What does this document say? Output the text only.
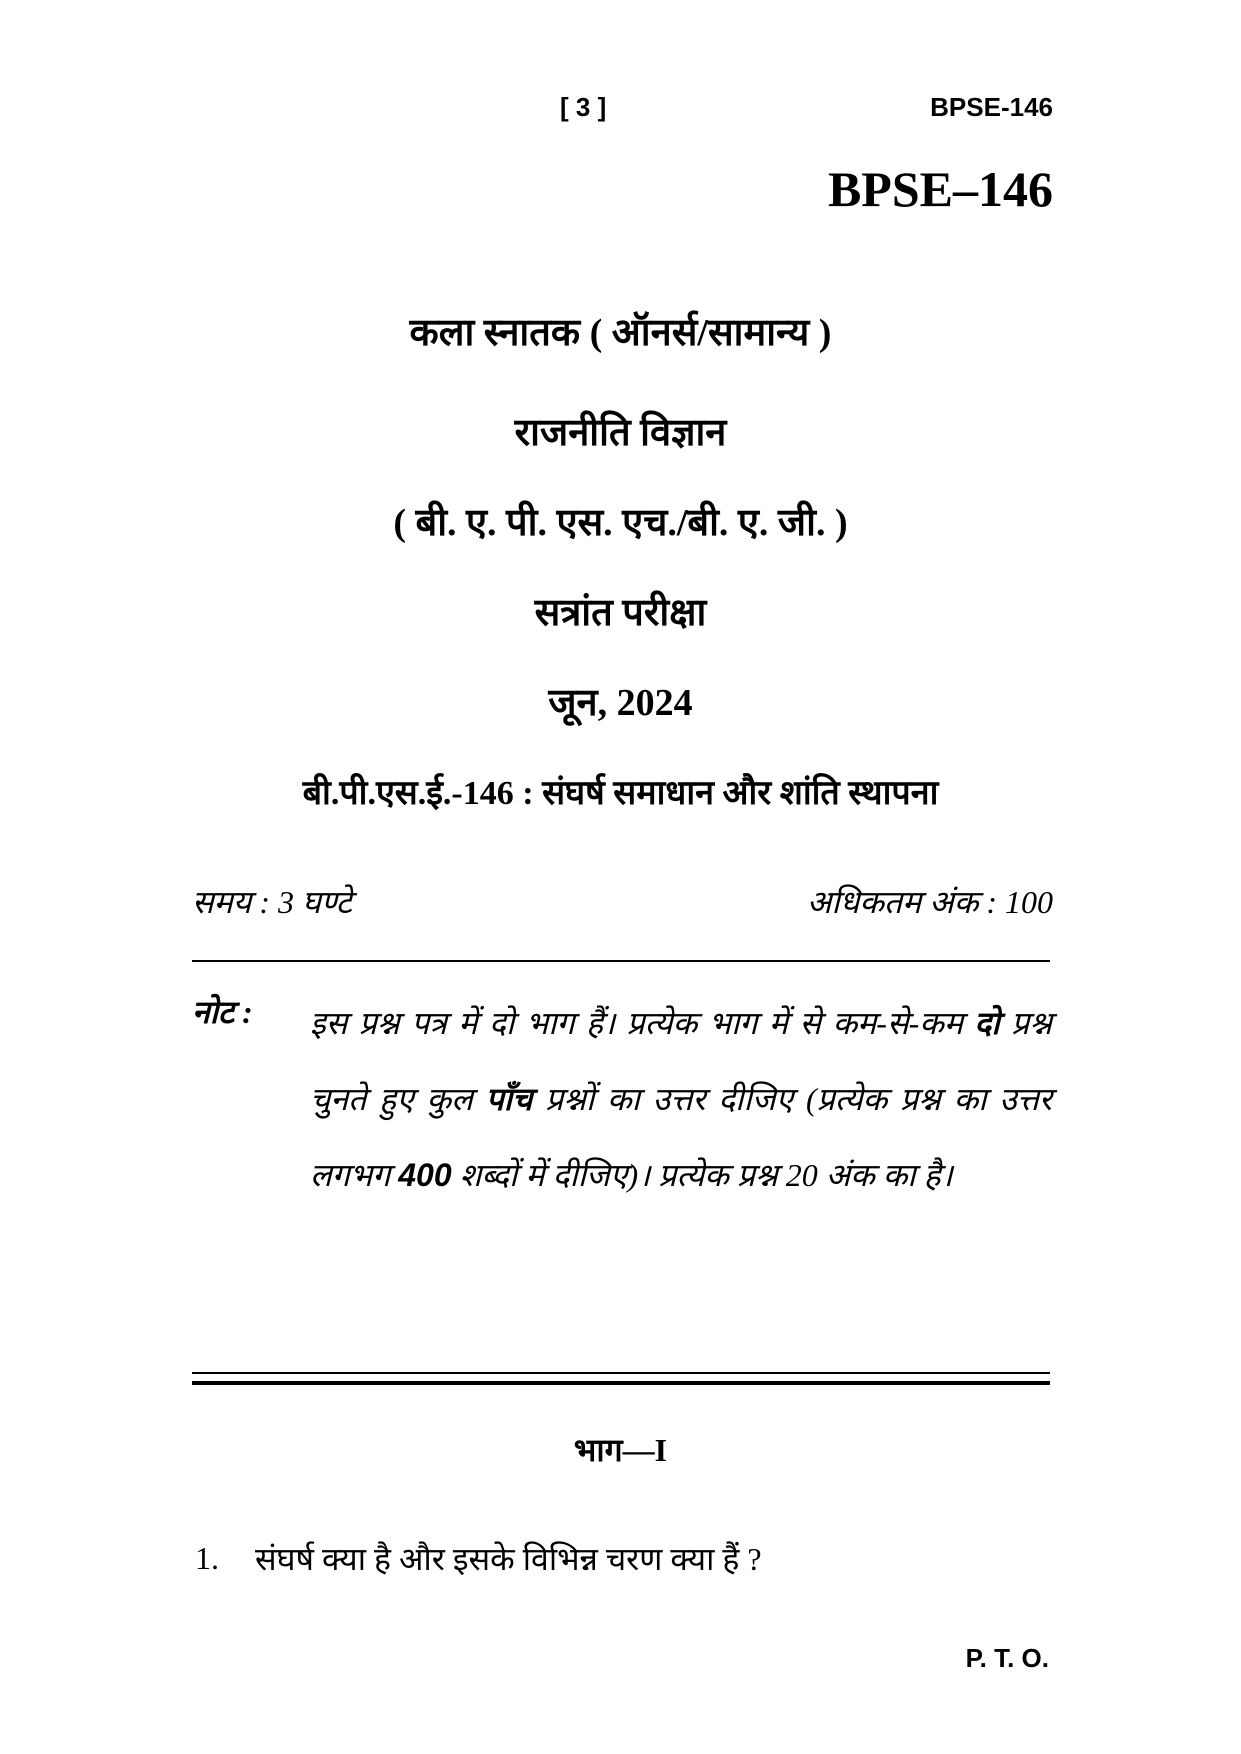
[ 3 ]	BPSE-146
BPSE–146
कला स्नातक ( ऑनर्स/सामान्य )
राजनीति विज्ञान
( बी. ए. पी. एस. एच./बी. ए. जी. )
सत्रांत परीक्षा
जून, 2024
बी.पी.एस.ई.-146 : संघर्ष समाधान और शांति स्थापना
समय : 3 घण्टे	अधिकतम अंक : 100
नोट : इस प्रश्न पत्र में दो भाग हैं। प्रत्येक भाग में से कम-से-कम दो प्रश्न चुनते हुए कुल पाँच प्रश्नों का उत्तर दीजिए (प्रत्येक प्रश्न का उत्तर लगभग 400 शब्दों में दीजिए)। प्रत्येक प्रश्न 20 अंक का है।
भाग—I
1. संघर्ष क्या है और इसके विभिन्न चरण क्या हैं ?
P. T. O.
